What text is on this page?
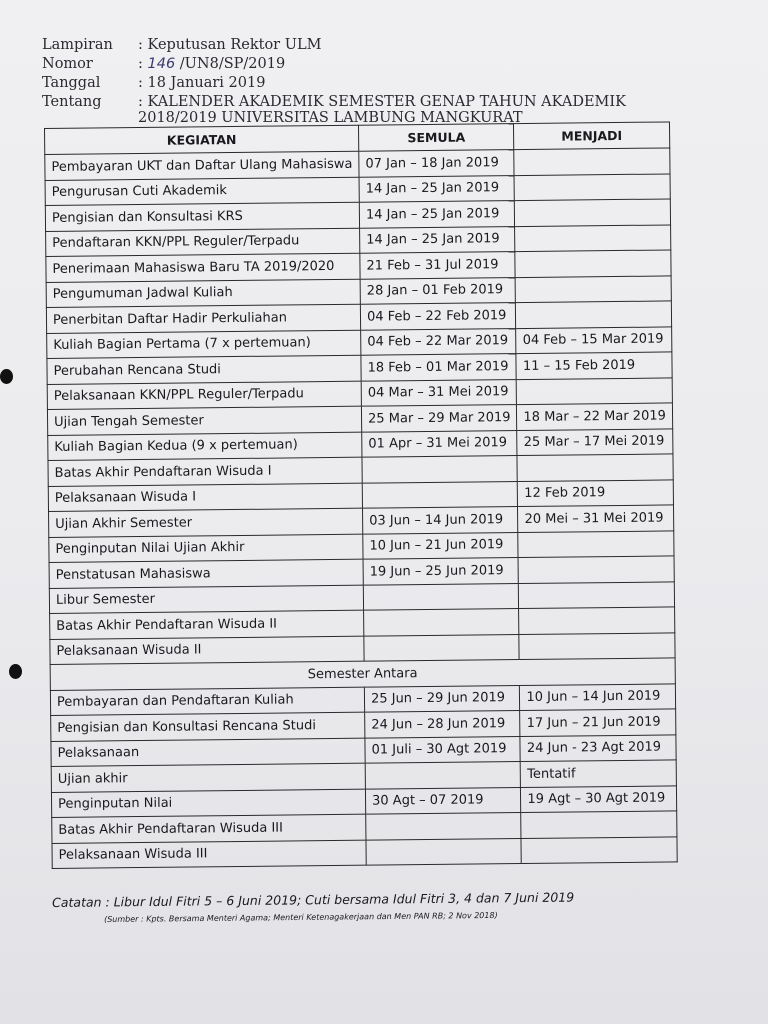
Lampiran	: Keputusan Rektor ULM
Nomor	: 146 /UN8/SP/2019
Tanggal	: 18 Januari 2019
Tentang	: KALENDER AKADEMIK SEMESTER GENAP TAHUN AKADEMIK
2018/2019 UNIVERSITAS LAMBUNG MANGKURAT
KEGIATAN	SEMULA	MENJADI
Pembayaran UKT dan Daftar Ulang Mahasiswa	07 Jan – 18 Jan 2019	
Pengurusan Cuti Akademik	14 Jan – 25 Jan 2019	
Pengisian dan Konsultasi KRS	14 Jan – 25 Jan 2019	
Pendaftaran KKN/PPL Reguler/Terpadu	14 Jan – 25 Jan 2019	
Penerimaan Mahasiswa Baru TA 2019/2020	21 Feb – 31 Jul 2019	
Pengumuman Jadwal Kuliah	28 Jan – 01 Feb 2019	
Penerbitan Daftar Hadir Perkuliahan	04 Feb – 22 Feb 2019	
Kuliah Bagian Pertama (7 x pertemuan)	04 Feb – 22 Mar 2019	04 Feb – 15 Mar 2019
Perubahan Rencana Studi	18 Feb – 01 Mar 2019	11 – 15 Feb 2019
Pelaksanaan KKN/PPL Reguler/Terpadu	04 Mar – 31 Mei 2019	
Ujian Tengah Semester	25 Mar – 29 Mar 2019	18 Mar – 22 Mar 2019
Kuliah Bagian Kedua (9 x pertemuan)	01 Apr – 31 Mei 2019	25 Mar – 17 Mei 2019
Batas Akhir Pendaftaran Wisuda I		
Pelaksanaan Wisuda I		12 Feb 2019
Ujian Akhir Semester	03 Jun – 14 Jun 2019	20 Mei – 31 Mei 2019
Penginputan Nilai Ujian Akhir	10 Jun – 21 Jun 2019	
Penstatusan Mahasiswa	19 Jun – 25 Jun 2019	
Libur Semester		
Batas Akhir Pendaftaran Wisuda II		
Pelaksanaan Wisuda II		
Semester Antara		
Pembayaran dan Pendaftaran Kuliah	25 Jun – 29 Jun 2019	10 Jun – 14 Jun 2019
Pengisian dan Konsultasi Rencana Studi	24 Jun – 28 Jun 2019	17 Jun – 21 Jun 2019
Pelaksanaan	01 Juli – 30 Agt 2019	24 Jun - 23 Agt 2019
Ujian akhir		Tentatif
Penginputan Nilai	30 Agt – 07 2019	19 Agt – 30 Agt 2019
Batas Akhir Pendaftaran Wisuda III		
Pelaksanaan Wisuda III		
Catatan : Libur Idul Fitri 5 – 6 Juni 2019; Cuti bersama Idul Fitri 3, 4 dan 7 Juni 2019
(Sumber : Kpts. Bersama Menteri Agama; Menteri Ketenagakerjaan dan Men PAN RB; 2 Nov 2018)
